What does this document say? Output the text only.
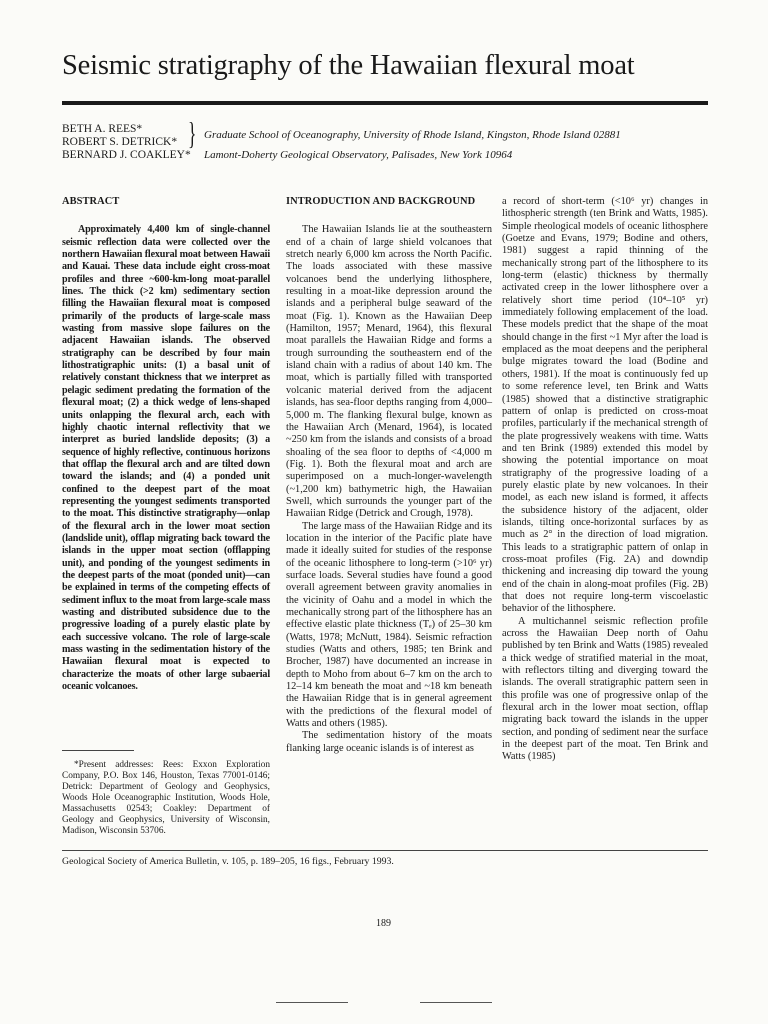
Seismic stratigraphy of the Hawaiian flexural moat
BETH A. REES*
ROBERT S. DETRICK*
BERNARD J. COAKLEY*
} Graduate School of Oceanography, University of Rhode Island, Kingston, Rhode Island 02881
Lamont-Doherty Geological Observatory, Palisades, New York 10964
ABSTRACT

Approximately 4,400 km of single-channel seismic reflection data were collected over the northern Hawaiian flexural moat between Hawaii and Kauai. These data include eight cross-moat profiles and three ~600-km-long moat-parallel lines. The thick (>2 km) sedimentary section filling the Hawaiian flexural moat is composed primarily of the products of large-scale mass wasting from massive slope failures on the adjacent Hawaiian islands. The observed stratigraphy can be described by four main lithostratigraphic units: (1) a basal unit of relatively constant thickness that we interpret as pelagic sediment predating the formation of the flexural moat; (2) a thick wedge of lens-shaped units onlapping the flexural arch, each with highly chaotic internal reflectivity that we interpret as buried landslide deposits; (3) a sequence of highly reflective, continuous horizons that offlap the flexural arch and are tilted down toward the islands; and (4) a ponded unit confined to the deepest part of the moat representing the youngest sediments transported to the moat. This distinctive stratigraphy—onlap of the flexural arch in the lower moat section (landslide unit), offlap migrating back toward the islands in the upper moat section (offlapping unit), and ponding of the youngest sediments in the deepest parts of the moat (ponded unit)—can be explained in terms of the competing effects of sediment influx to the moat from large-scale mass wasting and distributed subsidence due to the progressive loading of a purely elastic plate by each successive volcano. The role of large-scale mass wasting in the sedimentation history of the Hawaiian flexural moat is expected to characterize the moats of other large subaerial oceanic volcanoes.

*Present addresses: Rees: Exxon Exploration Company, P.O. Box 146, Houston, Texas 77001-0146; Detrick: Department of Geology and Geophysics, Woods Hole Oceanographic Institution, Woods Hole, Massachusetts 02543; Coakley: Department of Geology and Geophysics, University of Wisconsin, Madison, Wisconsin 53706.

INTRODUCTION AND BACKGROUND

The Hawaiian Islands lie at the southeastern end of a chain of large shield volcanoes that stretch nearly 6,000 km across the North Pacific. The loads associated with these massive volcanoes bend the underlying lithosphere, resulting in a moat-like depression around the islands and a peripheral bulge seaward of the moat (Fig. 1). Known as the Hawaiian Deep (Hamilton, 1957; Menard, 1964), this flexural moat parallels the Hawaiian Ridge and forms a trough surrounding the southeastern end of the island chain with a radius of about 140 km. The moat, which is partially filled with transported volcanic material derived from the adjacent islands, has sea-floor depths ranging from 4,000–5,000 m. The flanking flexural bulge, known as the Hawaiian Arch (Menard, 1964), is located ~250 km from the islands and consists of a broad shoaling of the sea floor to depths of <4,000 m (Fig. 1). Both the flexural moat and arch are superimposed on a much-longer-wavelength (~1,200 km) bathymetric high, the Hawaiian Swell, which surrounds the younger part of the Hawaiian Ridge (Detrick and Crough, 1978).

The large mass of the Hawaiian Ridge and its location in the interior of the Pacific plate have made it ideally suited for studies of the response of the oceanic lithosphere to long-term (>10⁶ yr) surface loads. Several studies have found a good overall agreement between gravity anomalies in the vicinity of Oahu and a model in which the mechanically strong part of the lithosphere has an effective elastic plate thickness (Tₑ) of 25–30 km (Watts, 1978; McNutt, 1984). Seismic refraction studies (Watts and others, 1985; ten Brink and Brocher, 1987) have documented an increase in depth to Moho from about 6–7 km on the arch to 12–14 km beneath the moat and ~18 km beneath the Hawaiian Ridge that is in general agreement with the predictions of the flexural model of Watts and others (1985).

The sedimentation history of the moats flanking large oceanic islands is of interest as

a record of short-term (<10⁶ yr) changes in lithospheric strength (ten Brink and Watts, 1985). Simple rheological models of oceanic lithosphere (Goetze and Evans, 1979; Bodine and others, 1981) suggest a rapid thinning of the mechanically strong part of the lithosphere to its long-term (elastic) thickness by thermally activated creep in the lower lithosphere over a relatively short time period (10⁴–10⁵ yr) immediately following emplacement of the load. These models predict that the shape of the moat should change in the first ~1 Myr after the load is emplaced as the moat deepens and the peripheral bulge migrates toward the load (Bodine and others, 1981). If the moat is continuously fed up to some reference level, ten Brink and Watts (1985) showed that a distinctive stratigraphic pattern of onlap is predicted on cross-moat profiles, particularly if the mechanical strength of the plate progressively weakens with time. Watts and ten Brink (1989) extended this model by showing the potential importance on moat stratigraphy of the progressive loading of a purely elastic plate by new volcanoes. In their model, as each new island is formed, it affects the subsidence history of the adjacent, older islands, tilting once-horizontal surfaces by as much as 2° in the direction of load migration. This leads to a stratigraphic pattern of onlap in cross-moat profiles (Fig. 2A) and downdip thickening and increasing dip toward the young end of the chain in along-moat profiles (Fig. 2B) that does not require long-term viscoelastic behavior of the lithosphere.

A multichannel seismic reflection profile across the Hawaiian Deep north of Oahu published by ten Brink and Watts (1985) revealed a thick wedge of stratified material in the moat, with reflectors tilting and diverging toward the islands. The overall stratigraphic pattern seen in this profile was one of progressive onlap of the flexural arch in the lower moat section, offlap migrating back toward the islands in the upper section, and ponding of sediment near the surface in the deepest part of the moat. Ten Brink and Watts (1985)

Geological Society of America Bulletin, v. 105, p. 189–205, 16 figs., February 1993.
189
